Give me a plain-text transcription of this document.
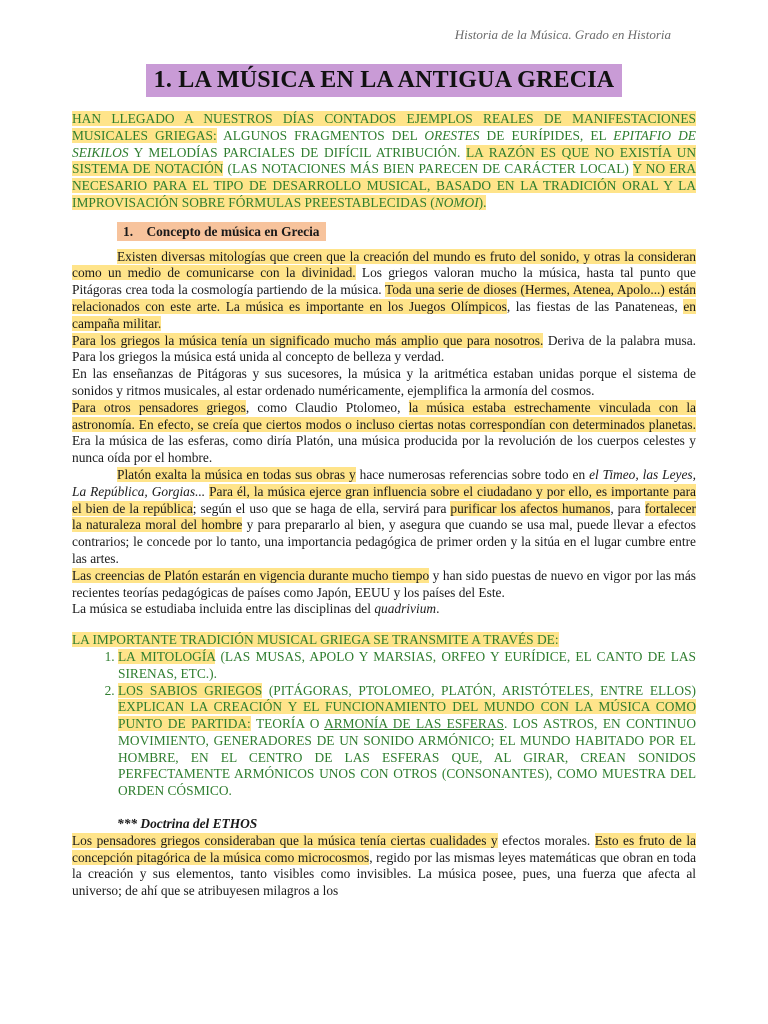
Historia de la Música. Grado en Historia
1. LA MÚSICA EN LA ANTIGUA GRECIA

HAN LLEGADO A NUESTROS DÍAS CONTADOS EJEMPLOS REALES DE MANIFESTACIONES MUSICALES GRIEGAS: ALGUNOS FRAGMENTOS DEL ORESTES DE EURÍPIDES, EL EPITAFIO DE SEIKILOS Y MELODÍAS PARCIALES DE DIFÍCIL ATRIBUCIÓN. LA RAZÓN ES QUE NO EXISTÍA UN SISTEMA DE NOTACIÓN (LAS NOTACIONES MÁS BIEN PARECEN DE CARÁCTER LOCAL) Y NO ERA NECESARIO PARA EL TIPO DE DESARROLLO MUSICAL, BASADO EN LA TRADICIÓN ORAL Y LA IMPROVISACIÓN SOBRE FÓRMULAS PREESTABLECIDAS (NOMOI).

1. Concepto de música en Grecia

Existen diversas mitologías que creen que la creación del mundo es fruto del sonido, y otras la consideran como un medio de comunicarse con la divinidad. Los griegos valoran mucho la música, hasta tal punto que Pitágoras crea toda la cosmología partiendo de la música. Toda una serie de dioses (Hermes, Atenea, Apolo...) están relacionados con este arte. La música es importante en los Juegos Olímpicos, las fiestas de las Panateneas, en campaña militar.

Para los griegos la música tenía un significado mucho más amplio que para nosotros. Deriva de la palabra musa. Para los griegos la música está unida al concepto de belleza y verdad.

En las enseñanzas de Pitágoras y sus sucesores, la música y la aritmética estaban unidas porque el sistema de sonidos y ritmos musicales, al estar ordenado numéricamente, ejemplifica la armonía del cosmos.

Para otros pensadores griegos, como Claudio Ptolomeo, la música estaba estrechamente vinculada con la astronomía. En efecto, se creía que ciertos modos o incluso ciertas notas correspondían con determinados planetas. Era la música de las esferas, como diría Platón, una música producida por la revolución de los cuerpos celestes y nunca oída por el hombre.

Platón exalta la música en todas sus obras y hace numerosas referencias sobre todo en el Timeo, las Leyes, La República, Gorgias... Para él, la música ejerce gran influencia sobre el ciudadano y por ello, es importante para el bien de la república; según el uso que se haga de ella, servirá para purificar los afectos humanos, para fortalecer la naturaleza moral del hombre y para prepararlo al bien, y asegura que cuando se usa mal, puede llevar a efectos contrarios; le concede por lo tanto, una importancia pedagógica de primer orden y la sitúa en el lugar cumbre entre las artes.

Las creencias de Platón estarán en vigencia durante mucho tiempo y han sido puestas de nuevo en vigor por las más recientes teorías pedagógicas de países como Japón, EEUU y los países del Este.

La música se estudiaba incluida entre las disciplinas del quadrivium.

LA IMPORTANTE TRADICIÓN MUSICAL GRIEGA SE TRANSMITE A TRAVÉS DE:

1. LA MITOLOGÍA (LAS MUSAS, APOLO Y MARSIAS, ORFEO Y EURÍDICE, EL CANTO DE LAS SIRENAS, ETC.).
2. LOS SABIOS GRIEGOS (PITÁGORAS, PTOLOMEO, PLATÓN, ARISTÓTELES, ENTRE ELLOS) EXPLICAN LA CREACIÓN Y EL FUNCIONAMIENTO DEL MUNDO CON LA MÚSICA COMO PUNTO DE PARTIDA: TEORÍA O ARMONÍA DE LAS ESFERAS. LOS ASTROS, EN CONTINUO MOVIMIENTO, GENERADORES DE UN SONIDO ARMÓNICO; EL MUNDO HABITADO POR EL HOMBRE, EN EL CENTRO DE LAS ESFERAS QUE, AL GIRAR, CREAN SONIDOS PERFECTAMENTE ARMÓNICOS UNOS CON OTROS (CONSONANTES), COMO MUESTRA DEL ORDEN CÓSMICO.
*** Doctrina del ETHOS

Los pensadores griegos consideraban que la música tenía ciertas cualidades y efectos morales. Esto es fruto de la concepción pitagórica de la música como microcosmos, regido por las mismas leyes matemáticas que obran en toda la creación y sus elementos, tanto visibles como invisibles. La música posee, pues, una fuerza que afecta al universo; de ahí que se atribuyesen milagros a los
